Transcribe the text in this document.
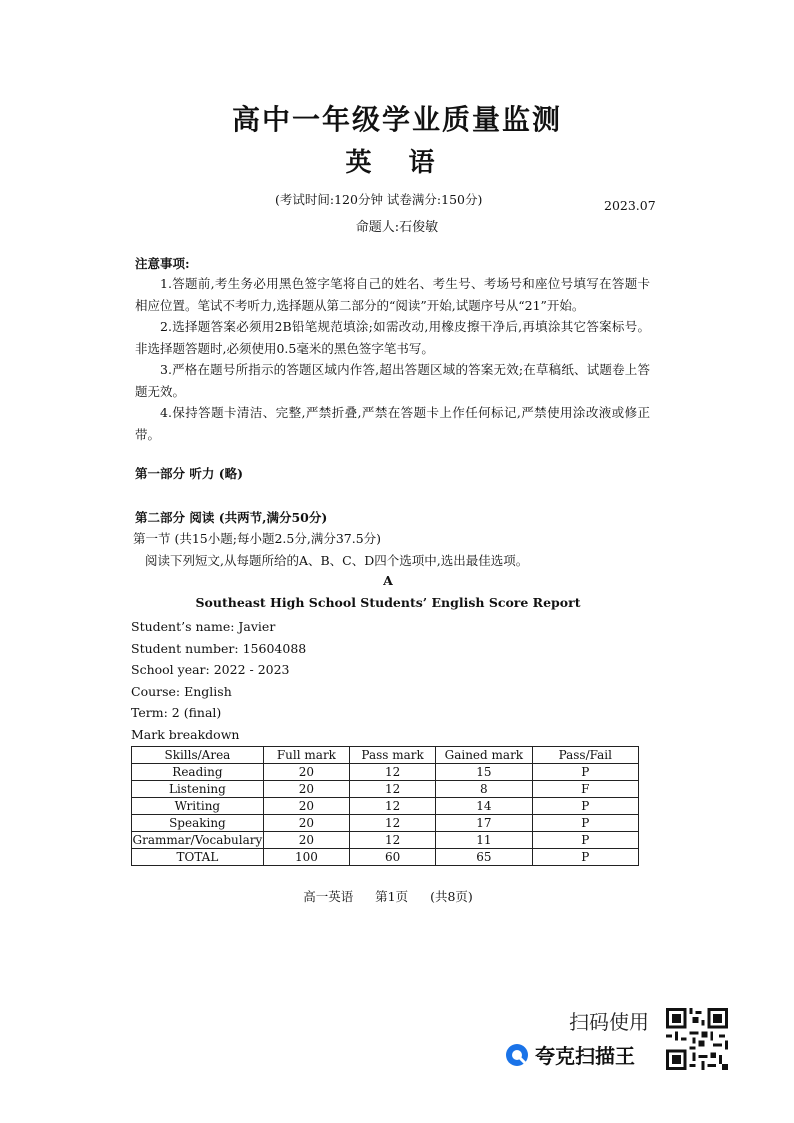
高中一年级学业质量监测
英 语
(考试时间:120分钟 试卷满分:150分)	2023.07
命题人:石俊敏
注意事项:

1.答题前,考生务必用黑色签字笔将自己的姓名、考生号、考场号和座位号填写在答题卡相应位置。笔试不考听力,选择题从第二部分的“阅读”开始,试题序号从“21”开始。

2.选择题答案必须用2B铅笔规范填涂;如需改动,用橡皮擦干净后,再填涂其它答案标号。非选择题答题时,必须使用0.5毫米的黑色签字笔书写。

3.严格在题号所指示的答题区域内作答,超出答题区域的答案无效;在草稿纸、试题卷上答题无效。

4.保持答题卡清洁、完整,严禁折叠,严禁在答题卡上作任何标记,严禁使用涂改液或修正带。

第一部分 听力 (略)
第二部分 阅读 (共两节,满分50分)
第一节 (共15小题;每小题2.5分,满分37.5分)
阅读下列短文,从每题所给的A、B、C、D四个选项中,选出最佳选项。
A
Southeast High School Students’ English Score Report
Student’s name: Javier
Student number: 15604088
School year: 2022 - 2023
Course: English
Term: 2 (final)
Mark breakdown
Skills/Area	Full mark	Pass mark	Gained mark	Pass/Fail
Reading	20	12	15	P
Listening	20	12	8	F
Writing	20	12	14	P
Speaking	20	12	17	P
Grammar/Vocabulary	20	12	11	P
TOTAL	100	60	65	P
高一英语 第1页 (共8页)
扫码使用
夸克扫描王
